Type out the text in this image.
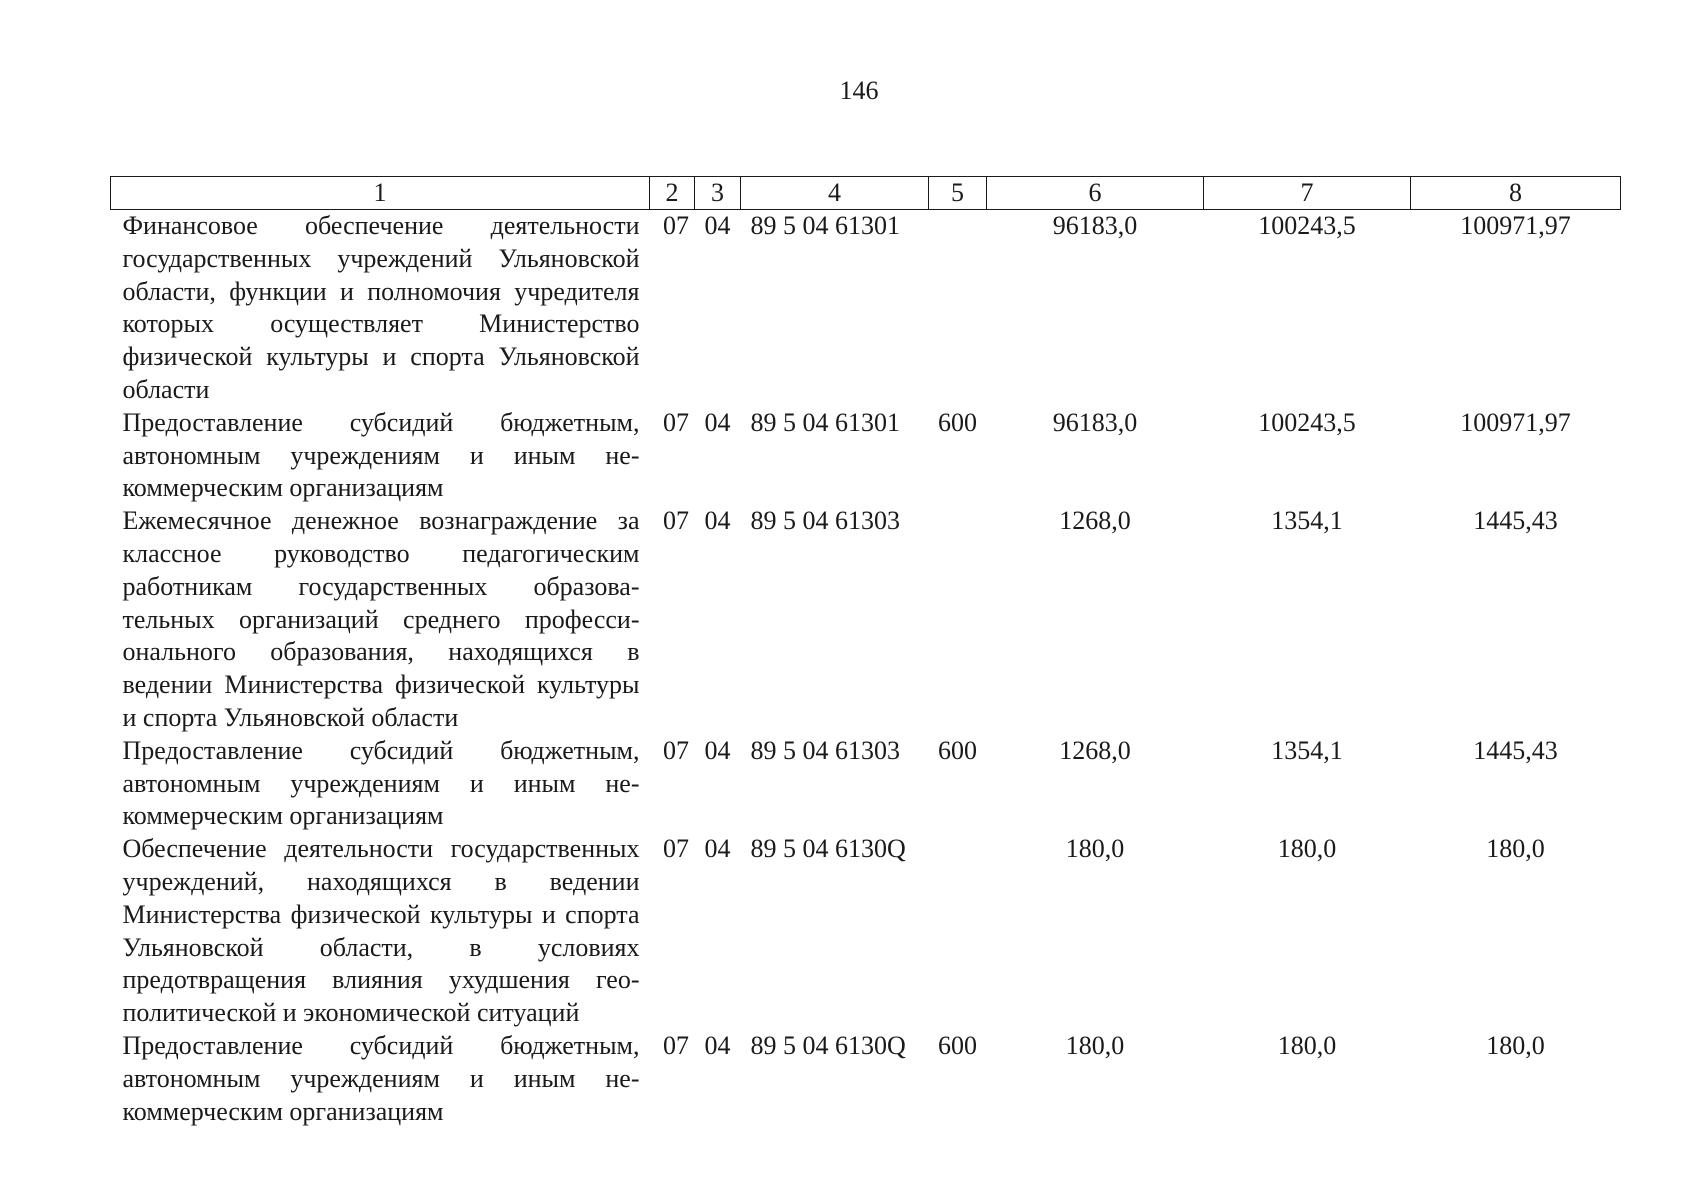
146
1	2	3	4	5	6	7	8
Финансовое обеспечение деятельности государственных учреждений Ульяновской области, функции и полномочия учредителя которых осуществляет Министерство физической культуры и спорта Ульяновской области	07	04	89 5 04 61301		96183,0	100243,5	100971,97
Предоставление субсидий бюджетным, автономным учреждениям и иным некоммерческим организациям	07	04	89 5 04 61301	600	96183,0	100243,5	100971,97
Ежемесячное денежное вознаграждение за классное руководство педагогическим работникам государственных образовательных организаций среднего профессионального образования, находящихся в ведении Министерства физической культуры и спорта Ульяновской области	07	04	89 5 04 61303		1268,0	1354,1	1445,43
Предоставление субсидий бюджетным, автономным учреждениям и иным некоммерческим организациям	07	04	89 5 04 61303	600	1268,0	1354,1	1445,43
Обеспечение деятельности государственных учреждений, находящихся в ведении Министерства физической культуры и спорта Ульяновской области, в условиях предотвращения влияния ухудшения геополитической и экономической ситуаций	07	04	89 5 04 6130Q		180,0	180,0	180,0
Предоставление субсидий бюджетным, автономным учреждениям и иным некоммерческим организациям	07	04	89 5 04 6130Q	600	180,0	180,0	180,0
